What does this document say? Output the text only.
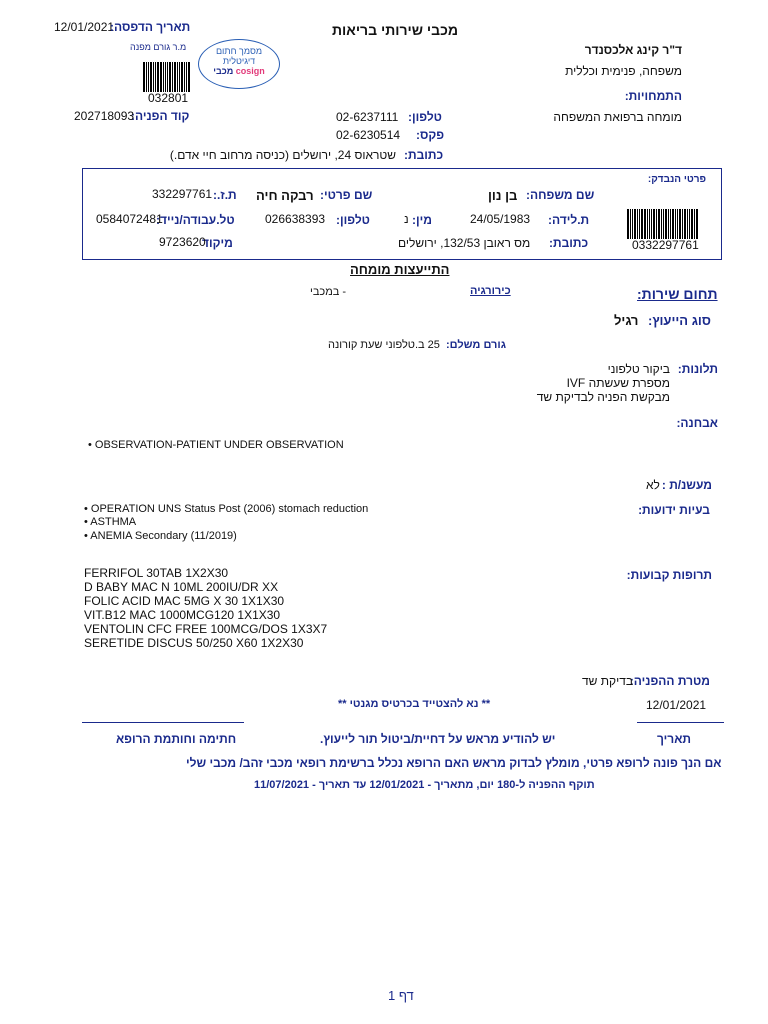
12/01/2021
תאריך הדפסה:	מכבי שירותי בריאות
מ.ר גורם מפנה	מסמך חתום
דיגיטלית
מכבי cosign
032801
ד"ר קינג אלכסנדר
משפחה, פנימית וכללית
התמחויות:
מומחה ברפואת המשפחה
קוד הפניה:
202718093	טלפון:
02-6237111
פקס:
02-6230514
כתובת:
שטראוס 24, ירושלים (כניסה מרחוב חיי אדם.)
פרטי הנבדק:
שם משפחה:
בן נון
שם פרטי:
רבקה חיה
ת.ז.:
332297761
ת.לידה:
24/05/1983
מין:
נ
טלפון:
026638393
טל.עבודה/נייד:
0584072481
כתובת:
מס ראובן 132/53, ירושלים
מיקוד
9723620	0332297761
התייעצות מומחה
תחום שירות:
כירורגיה
- במכבי
סוג הייעוץ:
רגיל
גורם משלם:
25 ב.טלפוני שעת קורונה
תלונות:
ביקור טלפוני
מספרת שעשתה IVF
מבקשת הפניה לבדיקת שד
אבחנה:
• OBSERVATION-PATIENT UNDER OBSERVATION
מעשנ/ת :
לא
בעיות ידועות:
• OPERATION UNS Status Post (2006) stomach reduction
• ASTHMA
• ANEMIA Secondary (11/2019)
תרופות קבועות:
FERRIFOL 30TAB 1X2X30
D BABY MAC N 10ML 200IU/DR XX
FOLIC ACID MAC 5MG X 30 1X1X30
VIT.B12 MAC 1000MCG120 1X1X30
VENTOLIN CFC FREE 100MCG/DOS 1X3X7
SERETIDE DISCUS 50/250 X60 1X2X30
מטרת ההפניה:
בדיקת שד
12/01/2021
** נא להצטייד בכרטיס מגנטי **
תאריך
יש להודיע מראש על דחיית/ביטול תור לייעוץ.
חתימה וחותמת הרופא
אם הנך פונה לרופא פרטי, מומלץ לבדוק מראש האם הרופא נכלל ברשימת רופאי מכבי זהב/ מכבי שלי
תוקף ההפניה ל-180 יום, מתאריך - 12/01/2021 עד תאריך - 11/07/2021
דף 1
